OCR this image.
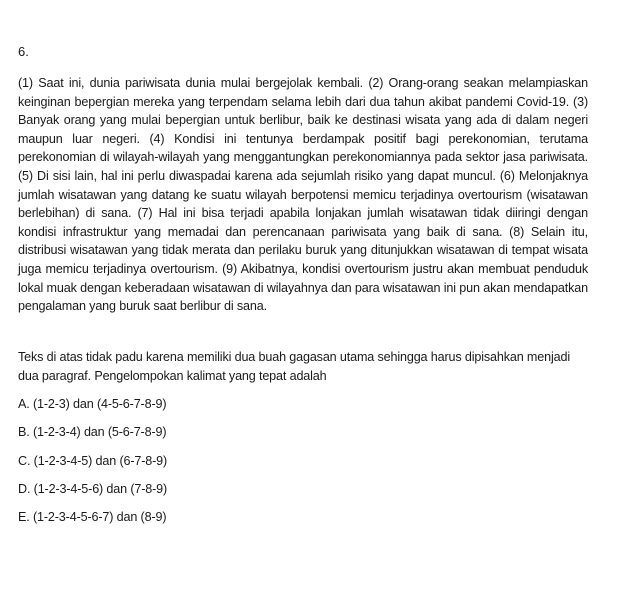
6.

(1) Saat ini, dunia pariwisata dunia mulai bergejolak kembali. (2) Orang-orang seakan melampiaskan keinginan bepergian mereka yang terpendam selama lebih dari dua tahun akibat pandemi Covid-19. (3) Banyak orang yang mulai bepergian untuk berlibur, baik ke destinasi wisata yang ada di dalam negeri maupun luar negeri. (4) Kondisi ini tentunya berdampak positif bagi perekonomian, terutama perekonomian di wilayah-wilayah yang menggantungkan perekonomiannya pada sektor jasa pariwisata. (5) Di sisi lain, hal ini perlu diwaspadai karena ada sejumlah risiko yang dapat muncul. (6) Melonjaknya jumlah wisatawan yang datang ke suatu wilayah berpotensi memicu terjadinya overtourism (wisatawan berlebihan) di sana. (7) Hal ini bisa terjadi apabila lonjakan jumlah wisatawan tidak diiringi dengan kondisi infrastruktur yang memadai dan perencanaan pariwisata yang baik di sana. (8) Selain itu, distribusi wisatawan yang tidak merata dan perilaku buruk yang ditunjukkan wisatawan di tempat wisata juga memicu terjadinya overtourism. (9) Akibatnya, kondisi overtourism justru akan membuat penduduk lokal muak dengan keberadaan wisatawan di wilayahnya dan para wisatawan ini pun akan mendapatkan pengalaman yang buruk saat berlibur di sana.

Teks di atas tidak padu karena memiliki dua buah gagasan utama sehingga harus dipisahkan menjadi dua paragraf. Pengelompokan kalimat yang tepat adalah

A. (1-2-3) dan (4-5-6-7-8-9)
B. (1-2-3-4) dan (5-6-7-8-9)
C. (1-2-3-4-5) dan (6-7-8-9)
D. (1-2-3-4-5-6) dan (7-8-9)
E. (1-2-3-4-5-6-7) dan (8-9)
